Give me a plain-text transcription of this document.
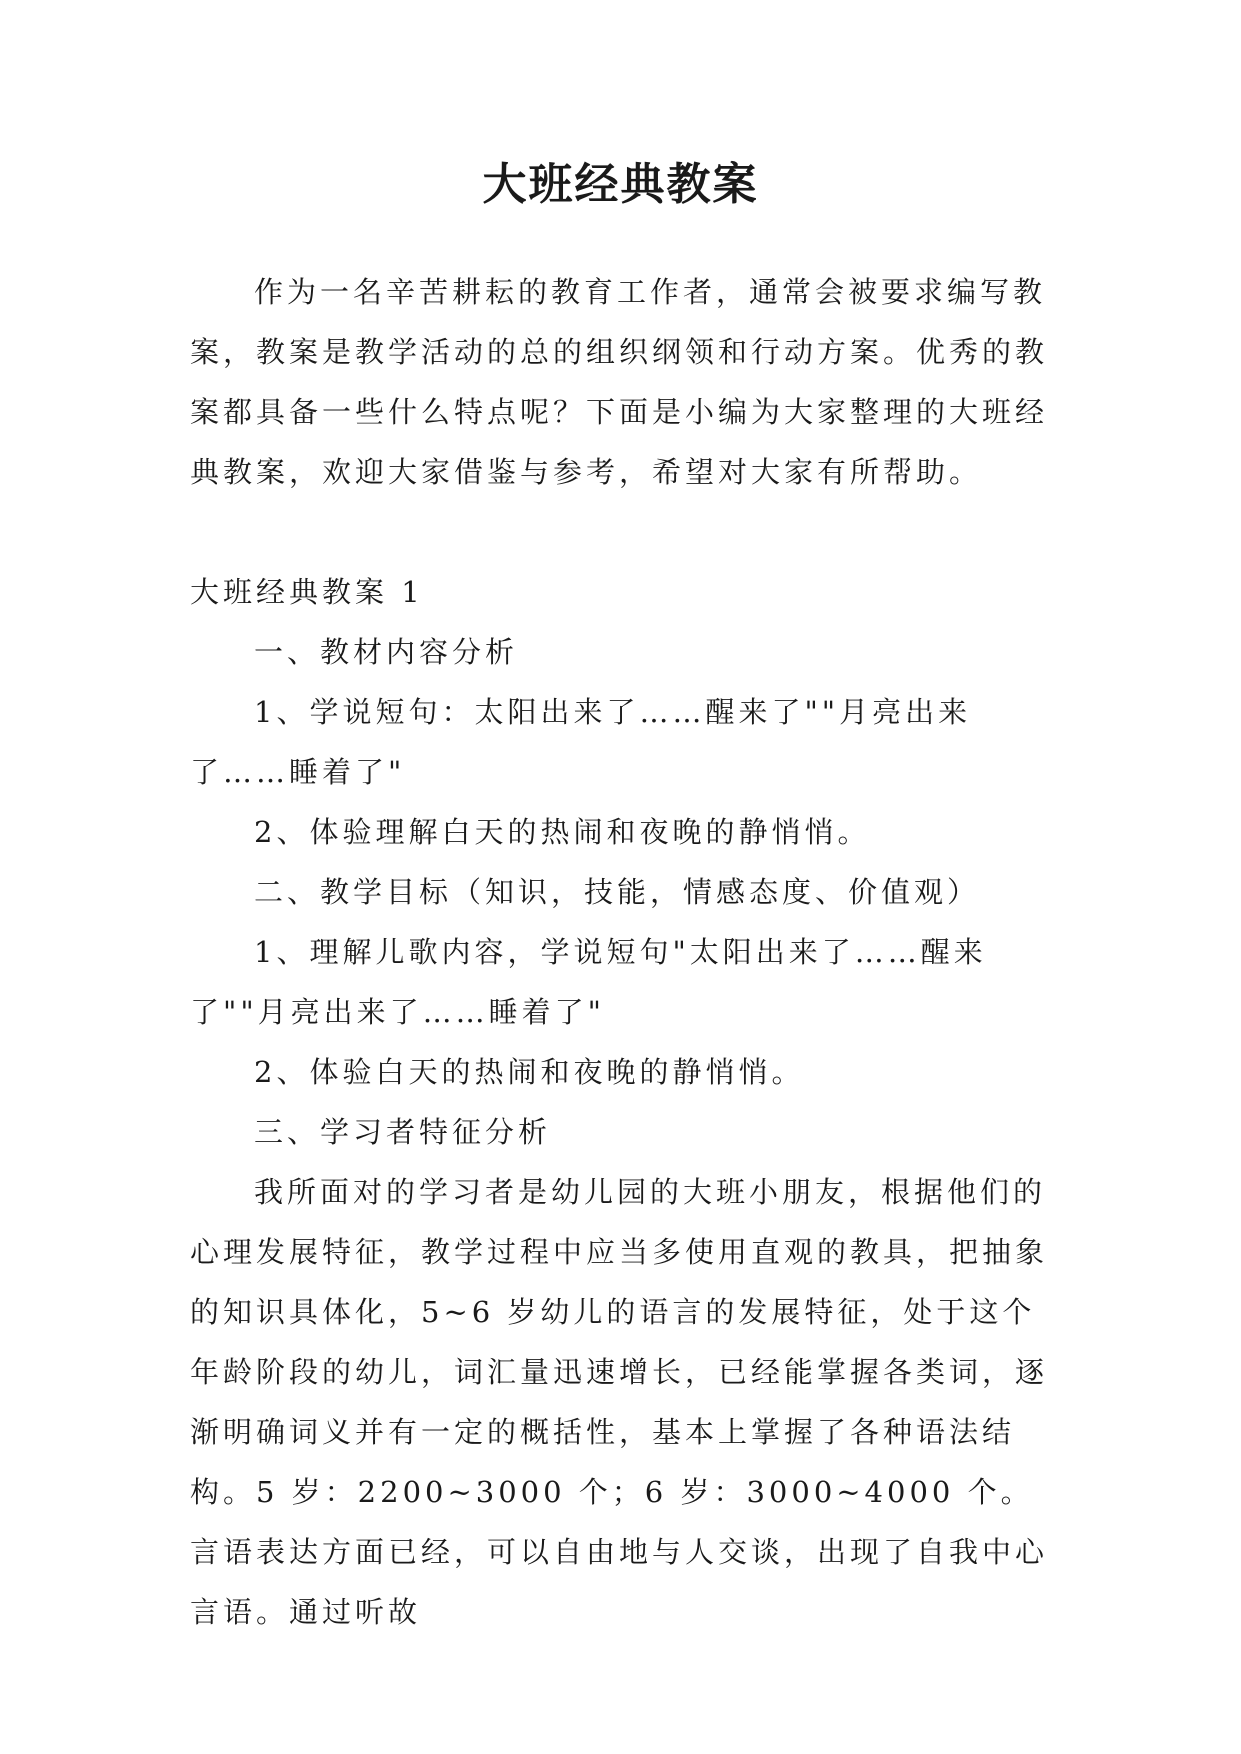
大班经典教案

作为一名辛苦耕耘的教育工作者，通常会被要求编写教案，教案是教学活动的总的组织纲领和行动方案。优秀的教案都具备一些什么特点呢？下面是小编为大家整理的大班经典教案，欢迎大家借鉴与参考，希望对大家有所帮助。

大班经典教案 1

一、教材内容分析

1、学说短句：太阳出来了……醒来了""月亮出来了……睡着了"

2、体验理解白天的热闹和夜晚的静悄悄。

二、教学目标（知识，技能，情感态度、价值观）

1、理解儿歌内容，学说短句"太阳出来了……醒来了""月亮出来了……睡着了"

2、体验白天的热闹和夜晚的静悄悄。

三、学习者特征分析

我所面对的学习者是幼儿园的大班小朋友，根据他们的心理发展特征，教学过程中应当多使用直观的教具，把抽象的知识具体化，5~6 岁幼儿的语言的发展特征，处于这个年龄阶段的幼儿，词汇量迅速增长，已经能掌握各类词，逐渐明确词义并有一定的概括性，基本上掌握了各种语法结构。5 岁：2200~3000 个；6 岁：3000~4000 个。言语表达方面已经，可以自由地与人交谈，出现了自我中心言语。通过听故
